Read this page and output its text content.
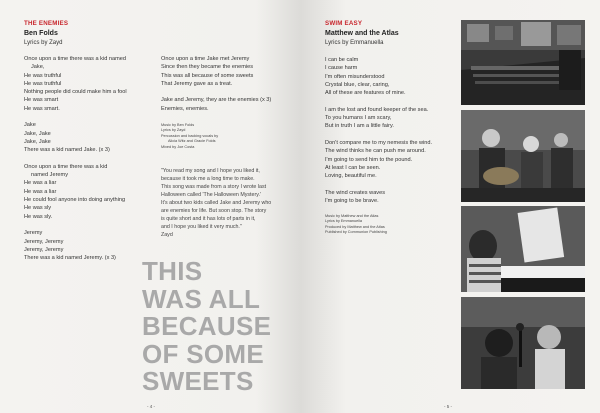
THE ENEMIES
Ben Folds
Lyrics by Zayd
Once upon a time there was a kid named
Jake,
He was truthful
He was truthful
Nothing people did could make him a fool
He was smart
He was smart.
Jake
Jake, Jake
Jake, Jake
There was a kid named Jake. (x 3)
Once upon a time there was a kid
named Jeremy
He was a liar
He was a liar
He could fool anyone into doing anything
He was sly
He was sly.
Jeremy
Jeremy, Jeremy
Jeremy, Jeremy
There was a kid named Jeremy. (x 3)
Once upon a time Jake met Jeremy
Since then they became the enemies
This was all because of some sweets
That Jeremy gave as a treat.
Jake and Jeremy, they are the enemies (x 3)
Enemies, enemies.
Music by Ben Folds
Lyrics by Zayd
Percussion and backing vocals by
Alicia Witz and Gracie Folds
Mixed by Joe Costa
"You read my song and I hope you liked it,
because it took me a long time to make.
This song was made from a story I wrote last
Halloween called 'The Halloween Mystery.'
It's about two kids called Jake and Jeremy who
are enemies for life. But soon stop. The story
is quite short and it has lots of parts in it,
and I hope you liked it very much."
Zayd
THIS
WAS ALL
BECAUSE
OF SOME
SWEETS
- 4 -
SWIM EASY
Matthew and the Atlas
Lyrics by Emmanuella
I can be calm
I cause harm
I'm often misunderstood
Crystal blue, clear, caring,
All of these are features of mine.
I am the lost and found keeper of the sea.
To you humans I am scary,
But in truth I am a little fairy.
Don't compare me to my nemesis the wind.
The wind thinks he can push me around.
I'm going to send him to the pound.
At least I can be seen.
Loving, beautiful me.
The wind creates waves
I'm going to be brave.
Music by Matthew and the Atlas
Lyrics by Emmanuella
Produced by Matthew and the Atlas
Published by Communion Publishing
- 5 -
